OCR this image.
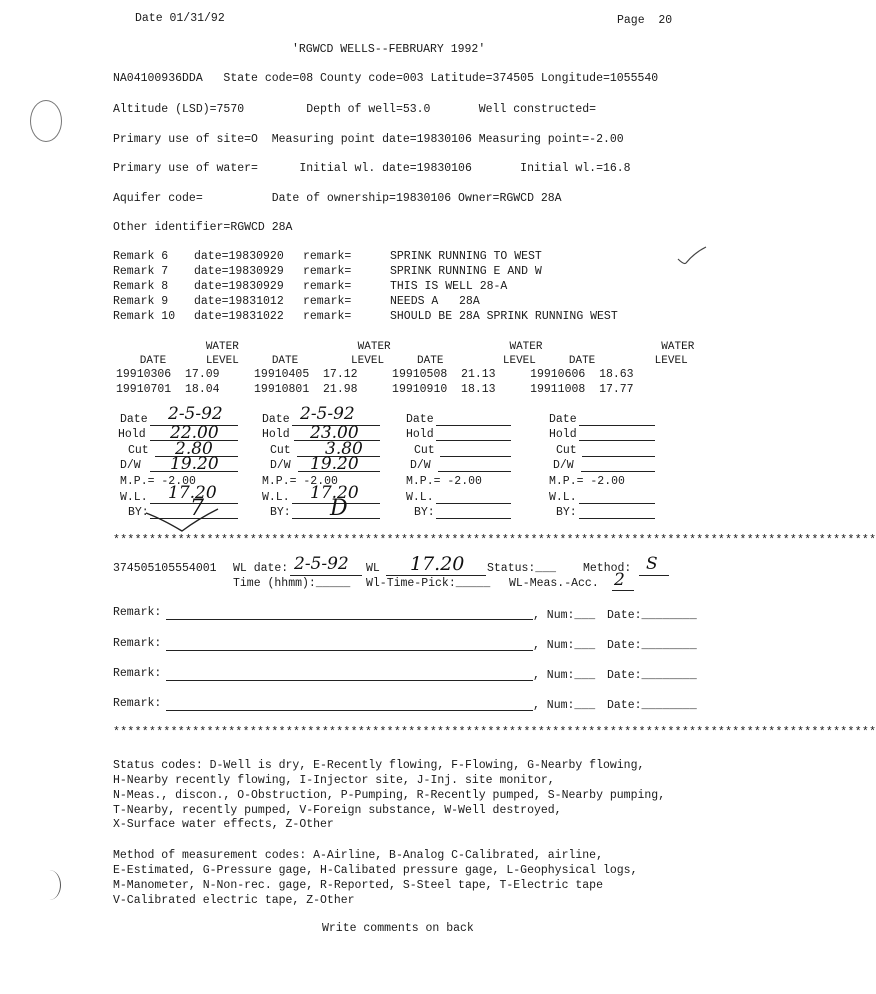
Date 01/31/92	Page  20
'RGWCD WELLS--FEBRUARY 1992'
NA04100936DDA   State code=08 County code=003 Latitude=374505 Longitude=1055540
Altitude (LSD)=7570         Depth of well=53.0       Well constructed=
Primary use of site=O  Measuring point date=19830106 Measuring point=-2.00
Primary use of water=      Initial wl. date=19830106       Initial wl.=16.8
Aquifer code=          Date of ownership=19830106 Owner=RGWCD 28A
Other identifier=RGWCD 28A
Remark 6 date=19830920 remark=	SPRINK RUNNING TO WEST
Remark 7 date=19830929 remark=	SPRINK RUNNING E AND W
Remark 8 date=19830929 remark=	THIS IS WELL 28-A
Remark 9 date=19831012 remark=	NEEDS A   28A
Remark 10 date=19831022 remark=	SHOULD BE 28A SPRINK RUNNING WEST
WATER                  WATER                  WATER                  WATER
DATE      LEVEL     DATE        LEVEL     DATE         LEVEL     DATE         LEVEL
19910306  17.09     19910405  17.12     19910508  21.13     19910606  18.63
19910701  18.04     19910801  21.98     19910910  18.13     19911008  17.77
Date 2-5-92
Hold 22.00
Cut 2.80
D/W 19.20
M.P.= -2.00
W.L. 17.20
BY: 7
Date 2-5-92
Hold 23.00
Cut 3.80
D/W 19.20
M.P.= -2.00
W.L. 17.20
BY: D
Date
Hold
Cut
D/W
M.P.= -2.00
W.L.
BY:
Date
Hold
Cut
D/W
M.P.= -2.00
W.L.
BY:
**********************************************************************************************************
374505105554001 WL date: 2-5-92 WL 17.20 Status:___ Method: S
Time (hhmm):_____ Wl-Time-Pick:_____ WL-Meas.-Acc. 2
Remark:	, Num:___ Date:________
Remark:	, Num:___ Date:________
Remark:	, Num:___ Date:________
Remark:	, Num:___ Date:________
**********************************************************************************************************
Status codes: D-Well is dry, E-Recently flowing, F-Flowing, G-Nearby flowing,
H-Nearby recently flowing, I-Injector site, J-Inj. site monitor,
N-Meas., discon., O-Obstruction, P-Pumping, R-Recently pumped, S-Nearby pumping,
T-Nearby, recently pumped, V-Foreign substance, W-Well destroyed,
X-Surface water effects, Z-Other
Method of measurement codes: A-Airline, B-Analog C-Calibrated, airline,
E-Estimated, G-Pressure gage, H-Calibated pressure gage, L-Geophysical logs,
M-Manometer, N-Non-rec. gage, R-Reported, S-Steel tape, T-Electric tape
V-Calibrated electric tape, Z-Other
Write comments on back
